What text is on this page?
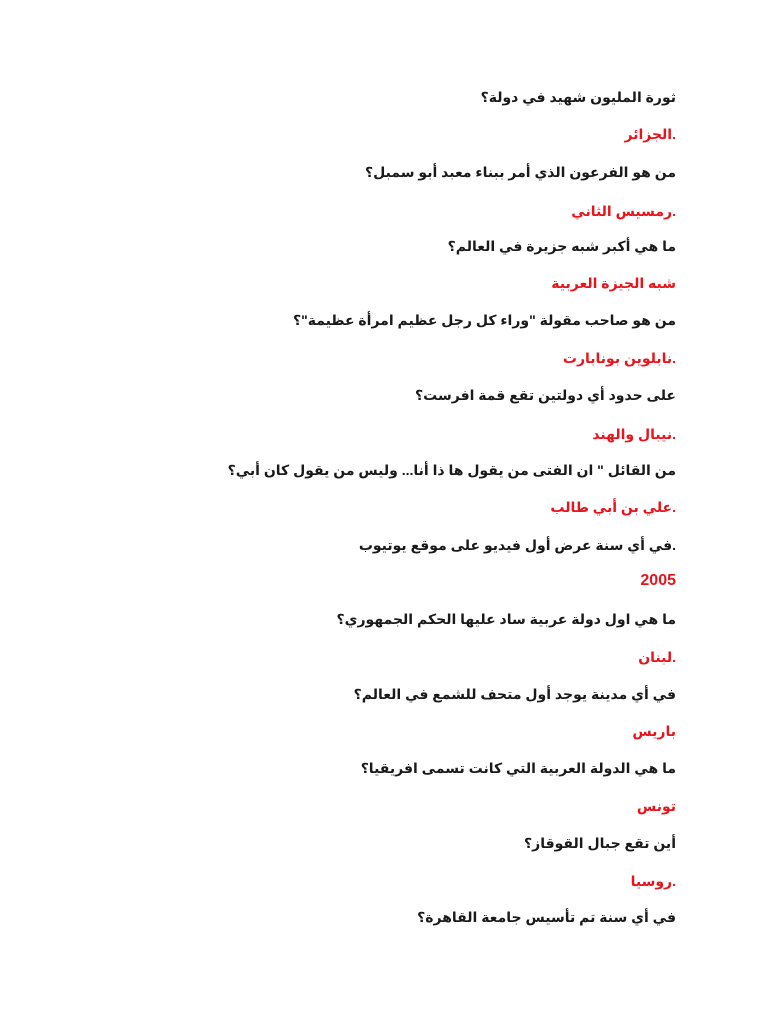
ثورة المليون شهيد في دولة؟
.الجزائر
من هو الفرعون الذي أمر ببناء معبد أبو سمبل؟
.رمسيس الثاني
ما هي أكبر شبه جزيرة في العالم؟
شبه الجيزة العربية
من هو صاحب مقولة "وراء كل رجل عظيم امرأة عظيمة"؟
.نابلوين بونابارت
على حدود أي دولتين تقع قمة افرست؟
.نيبال والهند
من القائل " ان الفتى من يقول ها ذا أنا... وليس من يقول كان أبي؟
.علي بن أبي طالب
.في أي سنة عرض أول فيديو على موقع يوتيوب
2005
ما هي اول دولة عربية ساد عليها الحكم الجمهوري؟
.لبنان
في أي مدينة يوجد أول متحف للشمع في العالم؟
باريس
ما هي الدولة العربية التي كانت تسمى افريقيا؟
تونس
أين تقع جبال القوقاز؟
.روسيا
في أي سنة تم تأسيس جامعة القاهرة؟
